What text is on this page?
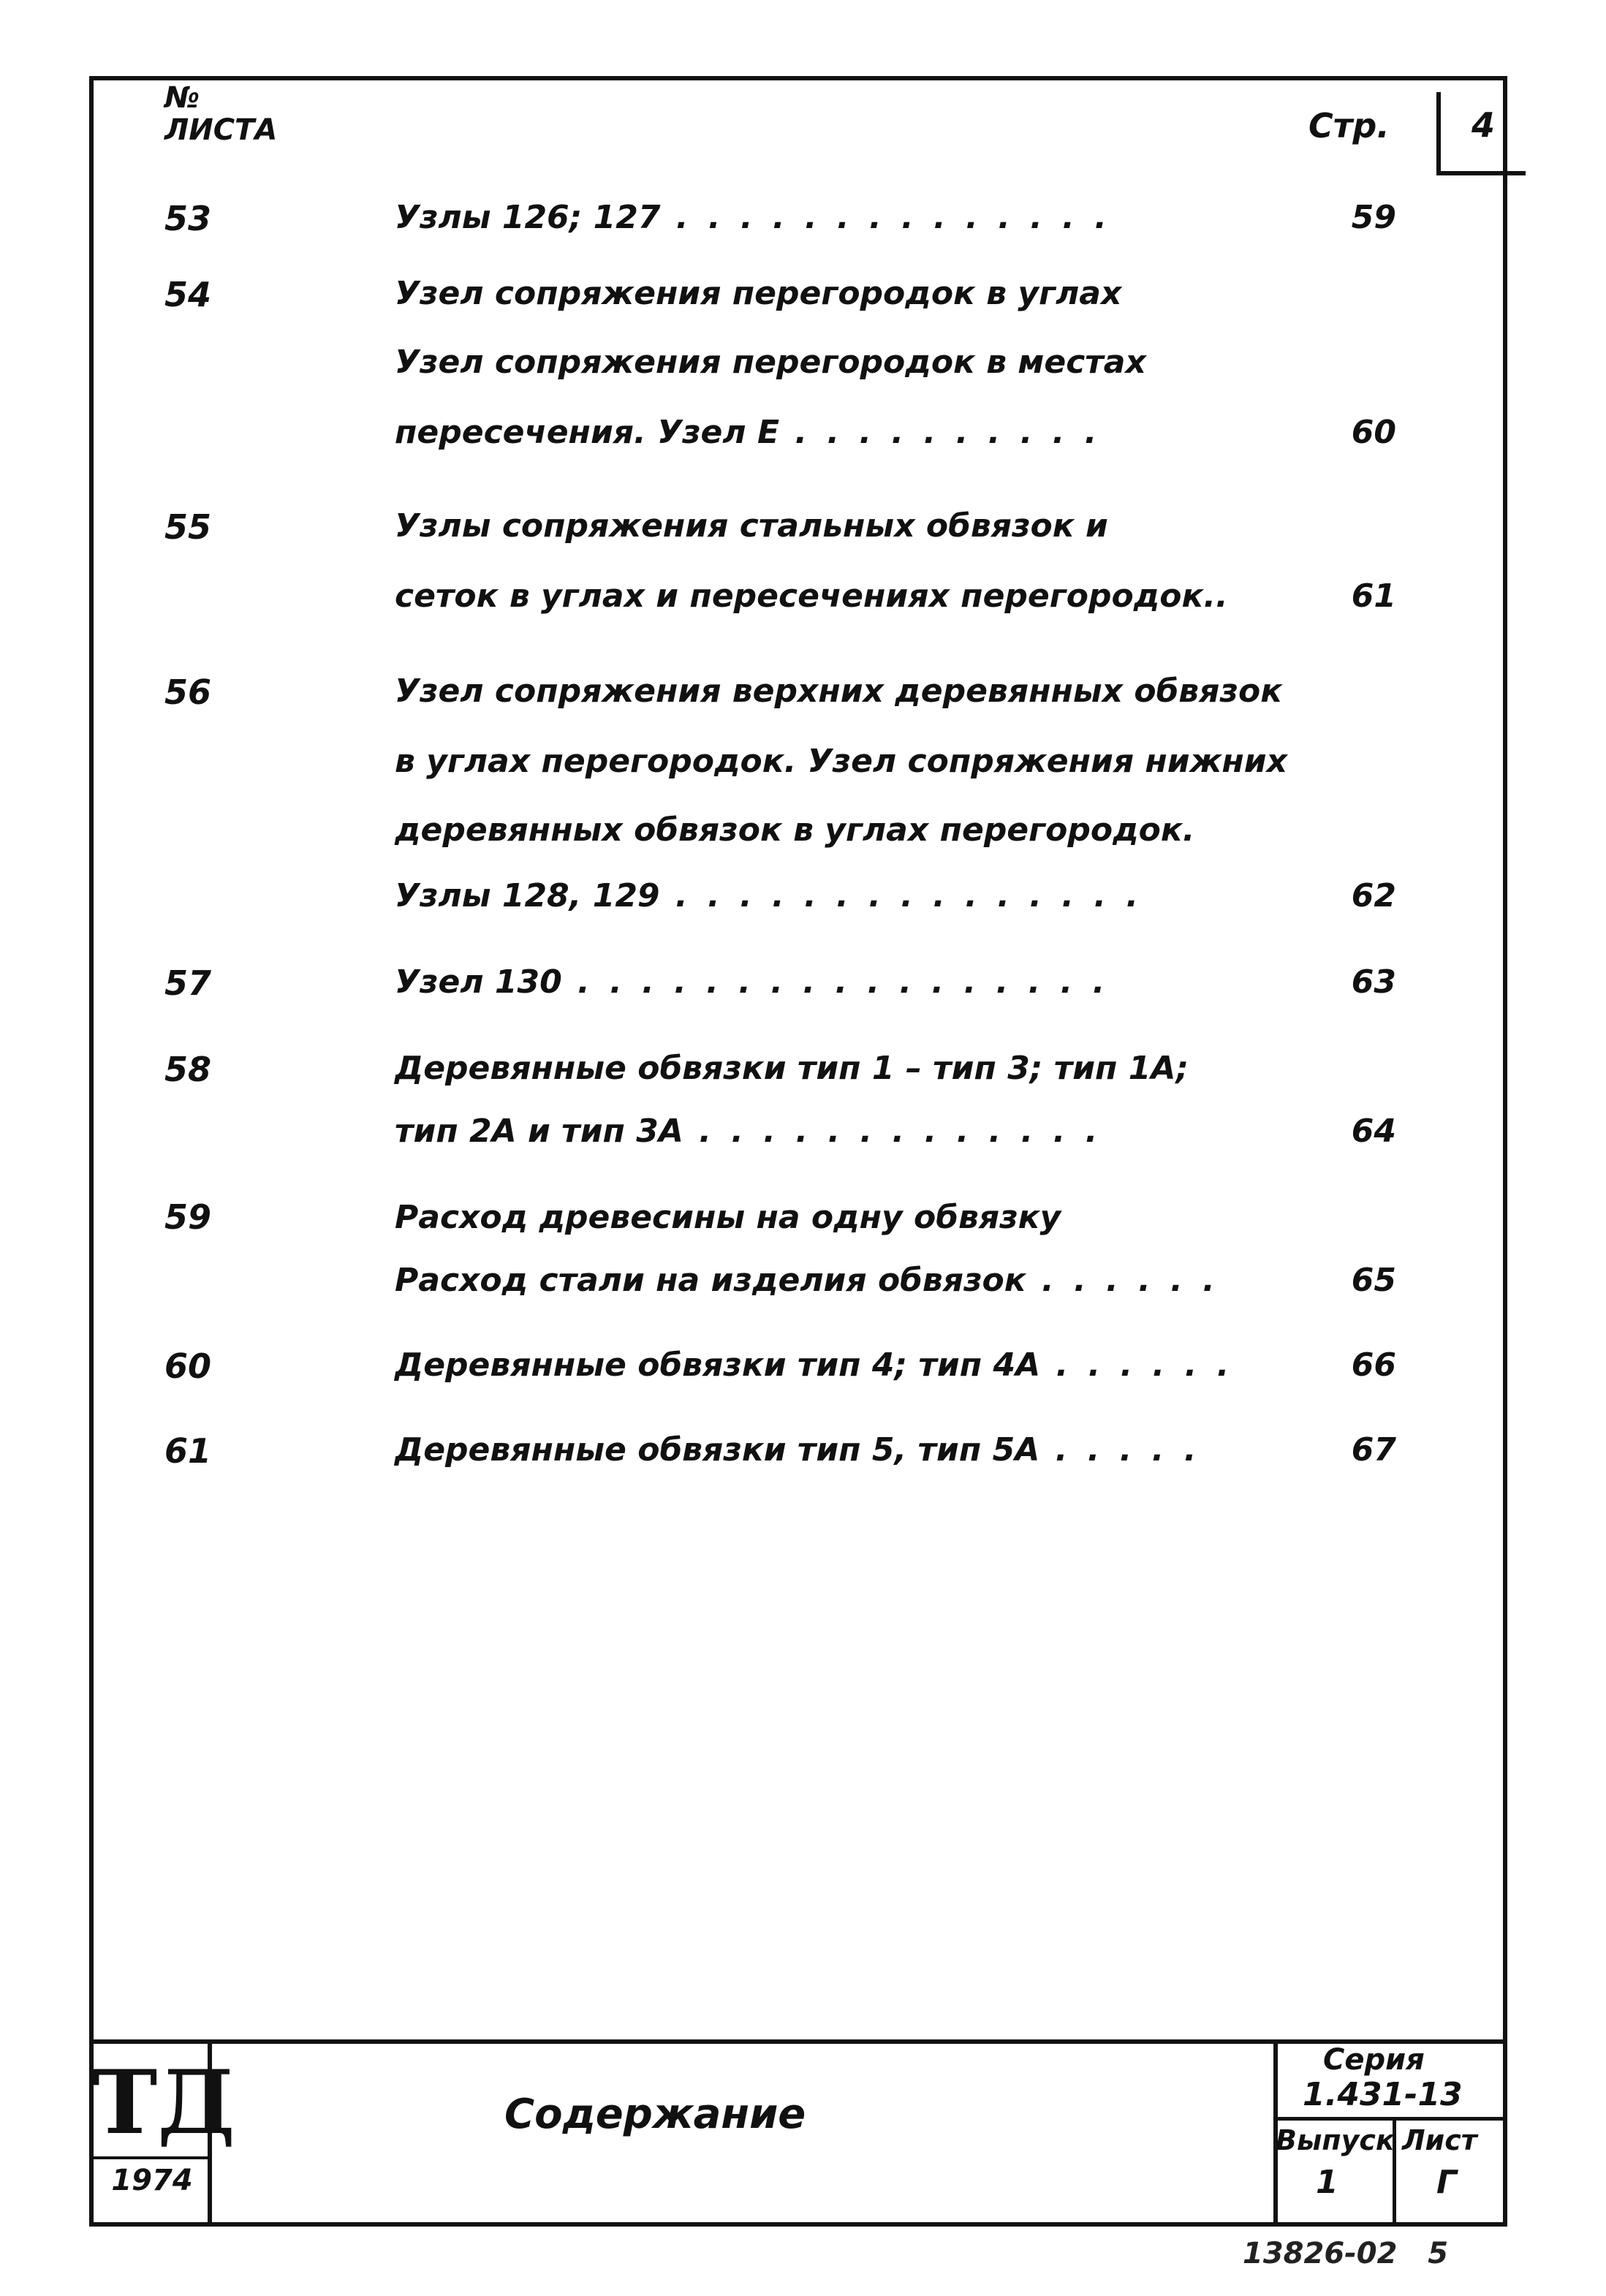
4
№
ЛИСТА	Стр.
53	Узлы 126; 127 . . . . . . . . . . . . . .	59
54	Узел сопряжения перегородок в углах
Узел сопряжения перегородок в местах
пересечения. Узел Е . . . . . . . . . .	60
55	Узлы сопряжения стальных обвязок и
сеток в углах и пересечениях перегородок..	61
56	Узел сопряжения верхних деревянных обвязок
в углах перегородок. Узел сопряжения нижних
деревянных обвязок в углах перегородок.
Узлы 128, 129 . . . . . . . . . . . . . . .	62
57	Узел 130 . . . . . . . . . . . . . . . . .	63
58	Деревянные обвязки тип 1 – тип 3; тип 1А;
тип 2А и тип 3А . . . . . . . . . . . . .	64
59	Расход древесины на одну обвязку
Расход стали на изделия обвязок . . . . . .	65
60	Деревянные обвязки тип 4; тип 4А . . . . . .	66
61	Деревянные обвязки тип 5, тип 5А . . . . .	67
ТД
1974
Содержание
Серия
1.431-13
Выпуск Лист
1	Г
13826-02   5
